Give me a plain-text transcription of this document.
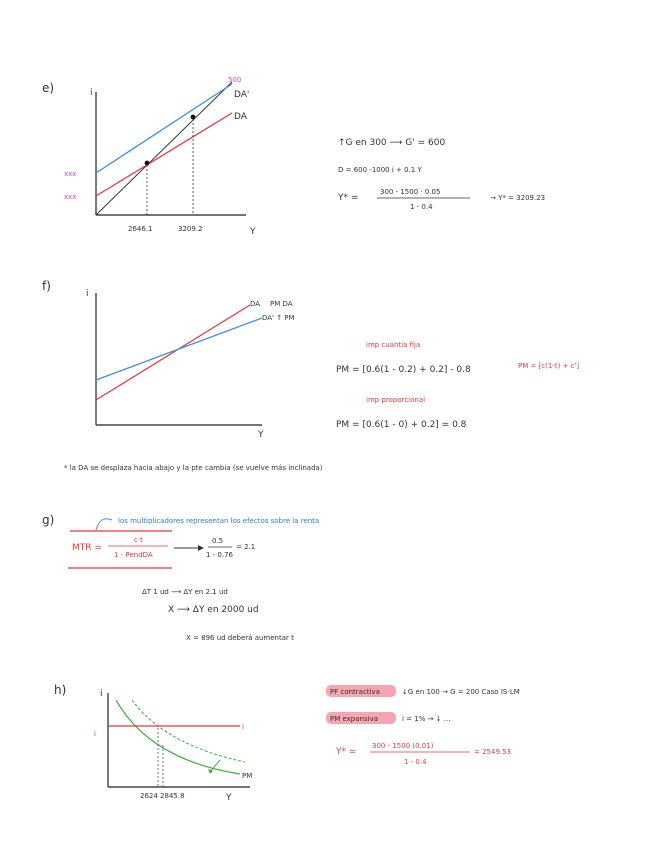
e)	i	DA'
DA
500
xxx
xxx
2646.1	3209.2	Y
↑G en 300 ⟶ G' = 600
D = 600 -1000 i + 0.1 Y
Y* =
300 - 1500 · 0.05
1 - 0.4
→ Y* = 3209.23
f)
i
DA
DA' ↑ PM
PM DA
Y
imp cuantía fija
PM = [0.6(1 - 0.2) + 0.2] - 0.8	PM = [c(1-t) + c']
imp proporcional
PM = [0.6(1 - 0) + 0.2] = 0.8
* la DA se desplaza hacia abajo y la pte cambia (se vuelve más inclinada)
g)	los multiplicadores representan los efectos sobre la renta
MTR =
c·t
1 - PendDA
0.5
1 - 0.76
= 2.1
ΔT 1 ud ⟶ ΔY en 2.1 ud
X ⟶ ΔY en 2000 ud
X = 896 ud deberá aumentar t
h)	i
i
i
PM
2624 2845.8	Y
PF contractiva	↓G en 100 → G = 200 Caso IS-LM
PM expansiva	i = 1% → ↓ ...
Y* =
300 - 1500 (0.01)
1 - 0.4
= 2549.53
